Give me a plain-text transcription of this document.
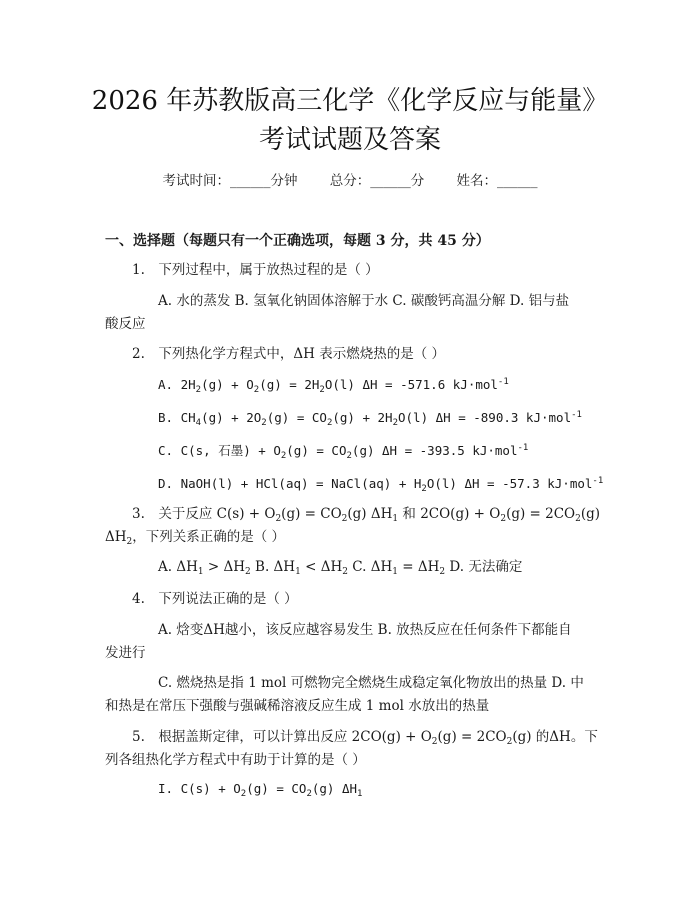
2026 年苏教版高三化学《化学反应与能量》
考试试题及答案
考试时间：______分钟 总分：______分 姓名：______
一、选择题（每题只有一个正确选项，每题 3 分，共 45 分）
1.　下列过程中，属于放热过程的是（ ）
A. 水的蒸发 B. 氢氧化钠固体溶解于水 C. 碳酸钙高温分解 D. 铝与盐
酸反应
2.　下列热化学方程式中，ΔH 表示燃烧热的是（ ）
A. $2H_2(g) + O_2(g) = 2H_2O(l) \Delta H = -571.6$ kJ·mol$^{-1}$
B. $CH_4(g) + 2O_2(g) = CO_2(g) + 2H_2O(l) \Delta H = -890.3$ kJ·mol$^{-1}$
C. C(s, 石墨) + $O_2(g) = CO_2(g) \Delta H = -393.5$ kJ·mol$^{-1}$
D. NaOH(l) + HCl(aq) = NaCl(aq) + $H_2O(l) \Delta H = -57.3$ kJ·mol$^{-1}$
3.　关于反应 $C(s) + O_2(g) = CO_2(g)$ $\Delta H_1$ 和 $2CO(g) + O_2(g) = 2CO_2(g)$
$\Delta H_2$，下列关系正确的是（ ）
A. $\Delta H_1 > \Delta H_2$ B. $\Delta H_1 < \Delta H_2$ C. $\Delta H_1 = \Delta H_2$ D. 无法确定
4.　下列说法正确的是（ ）
A. 焓变ΔH越小，该反应越容易发生 B. 放热反应在任何条件下都能自
发进行
C. 燃烧热是指 1 mol 可燃物完全燃烧生成稳定氧化物放出的热量 D. 中
和热是在常压下强酸与强碱稀溶液反应生成 1 mol 水放出的热量
5.　根据盖斯定律，可以计算出反应 $2CO(g) + O_2(g) = 2CO_2(g)$ 的ΔH。下
列各组热化学方程式中有助于计算的是（ ）
I. $C(s) + O_2(g) = CO_2(g)$ $\Delta H_1$
